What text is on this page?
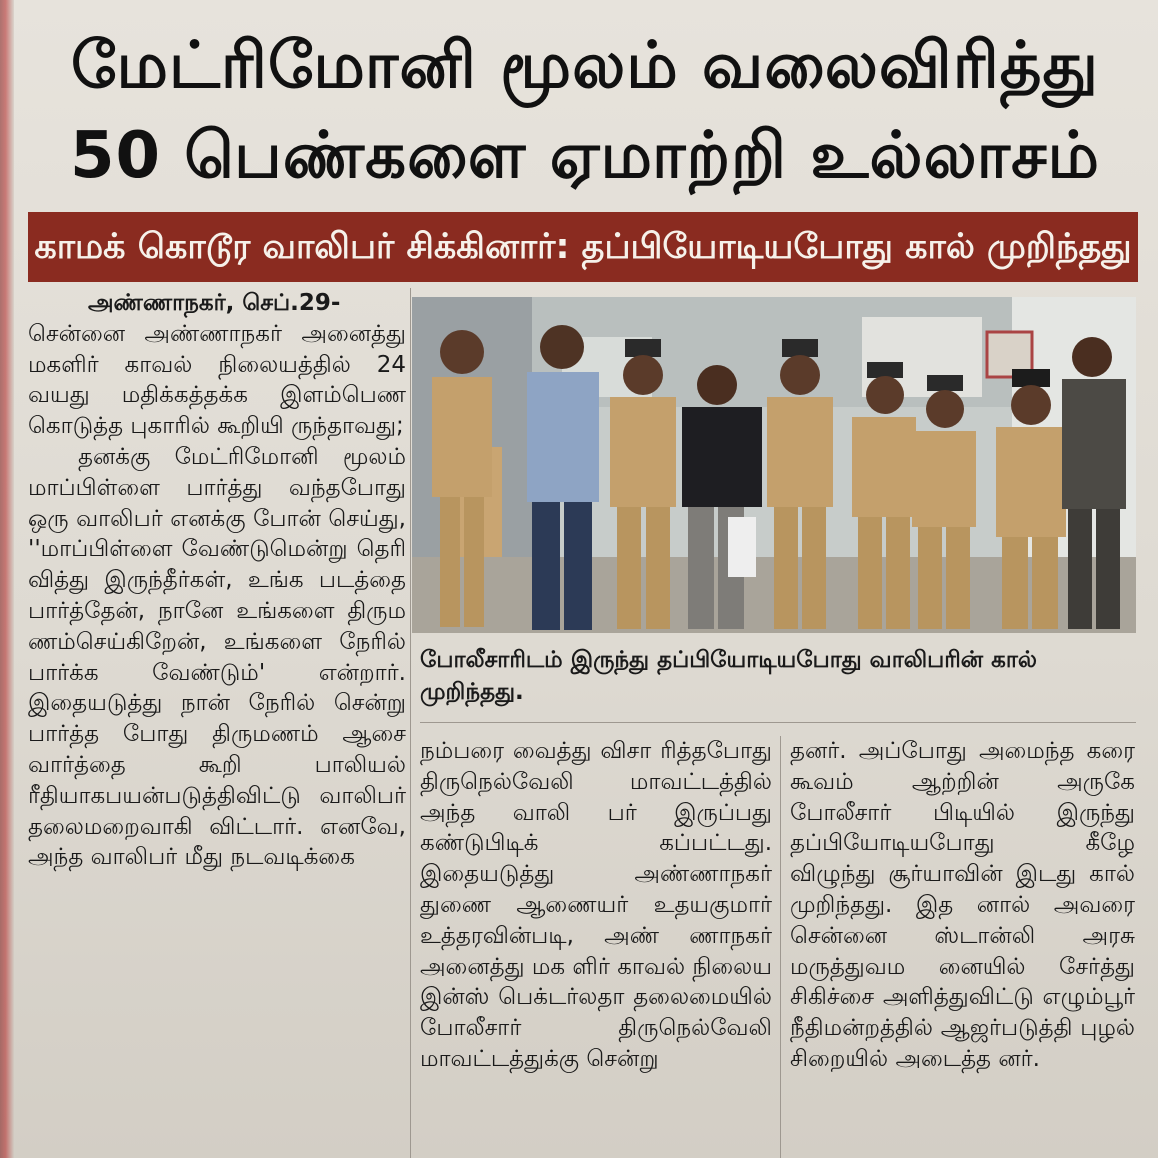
மேட்ரிமோனி மூலம் வலைவிரித்து
50 பெண்களை ஏமாற்றி உல்லாசம்
காமக் கொடூர வாலிபர் சிக்கினார்: தப்பியோடியபோது கால் முறிந்தது

அண்ணாநகர், செப்.29-

சென்னை அண்ணாநகர் அனைத்து மகளிர் காவல் நிலையத்தில் 24 வயது மதிக்கத்தக்க இளம்பெண கொடுத்த புகாரில் கூறியி ருந்தாவது;

தனக்கு மேட்ரிமோனி மூலம் மாப்பிள்ளை பார்த்து வந்தபோது ஒரு வாலிபர் எனக்கு போன் செய்து, ''மாப்பிள்ளை வேண்டுமென்று தெரி வித்து இருந்தீர்கள், உங்க படத்தை பார்த்தேன், நானே உங்களை திரும ணம்செய்கிறேன், உங்களை நேரில் பார்க்க வேண்டும்' என்றார். இதையடுத்து நான் நேரில் சென்று பார்த்த போது திருமணம் ஆசை வார்த்தை கூறி பாலியல் ரீதியாகபயன்படுத்திவிட்டு வாலிபர் தலைமறைவாகி விட்டார். எனவே, அந்த வாலிபர் மீது நடவடிக்கை

போலீசாரிடம் இருந்து தப்பியோடியபோது வாலிபரின் கால் முறிந்தது.

நம்பரை வைத்து விசா ரித்தபோது திருநெல்வேலி மாவட்டத்தில் அந்த வாலி பர் இருப்பது கண்டுபிடிக் கப்பட்டது. இதையடுத்து அண்ணாநகர் துணை ஆணையர் உதயகுமார் உத்தரவின்படி, அண் ணாநகர் அனைத்து மக ளிர் காவல் நிலைய இன்ஸ் பெக்டர்லதா தலைமையில் போலீசார் திருநெல்வேலி மாவட்டத்துக்கு சென்று

தனர். அப்போது அமைந்த கரை கூவம் ஆற்றின் அருகே போலீசார் பிடியில் இருந்து தப்பியோடியபோது கீழே விழுந்து சூர்யாவின் இடது கால் முறிந்தது. இத னால் அவரை சென்னை ஸ்டான்லி அரசு மருத்துவம னையில் சேர்த்து சிகிச்சை அளித்துவிட்டு எழும்பூர் நீதிமன்றத்தில் ஆஜர்படுத்தி புழல் சிறையில் அடைத்த னர்.
